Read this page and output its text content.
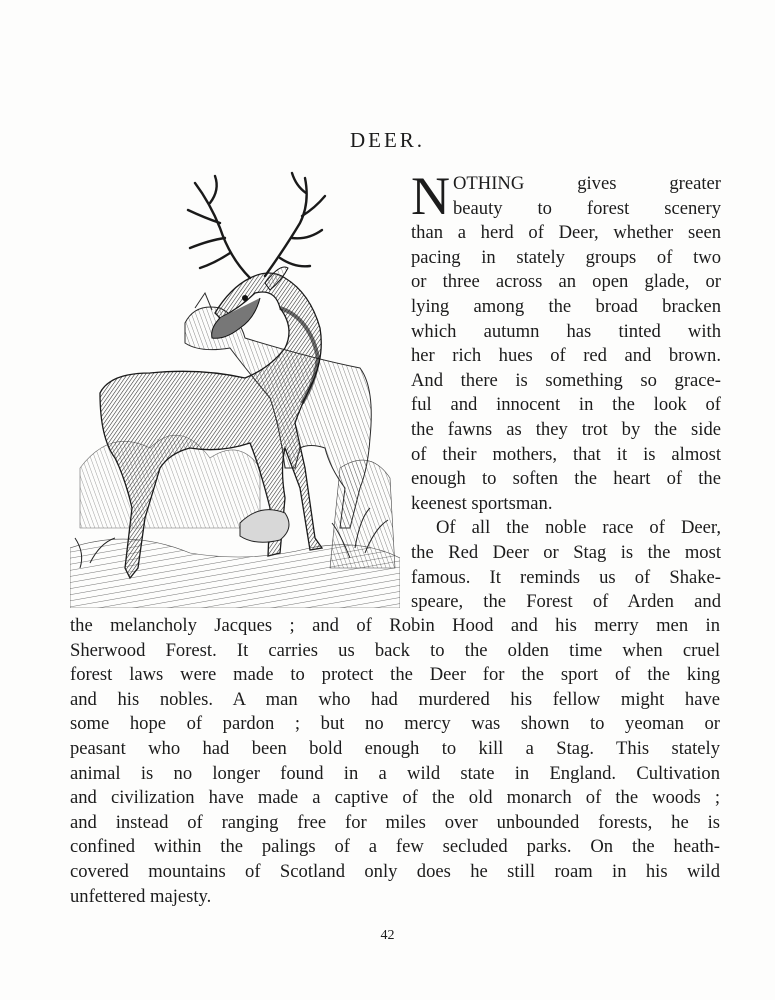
DEER.
N OTHING gives greater
beauty to forest scenery
than a herd of Deer, whether seen
pacing in stately groups of two
or three across an open glade, or
lying among the broad bracken
which autumn has tinted with
her rich hues of red and brown.
And there is something so grace-
ful and innocent in the look of
the fawns as they trot by the side
of their mothers, that it is almost
enough to soften the heart of the
keenest sportsman.
Of all the noble race of Deer,
the Red Deer or Stag is the most
famous. It reminds us of Shake-
speare, the Forest of Arden and
the melancholy Jacques ; and of Robin Hood and his merry men in
Sherwood Forest. It carries us back to the olden time when cruel
forest laws were made to protect the Deer for the sport of the king
and his nobles. A man who had murdered his fellow might have
some hope of pardon ; but no mercy was shown to yeoman or
peasant who had been bold enough to kill a Stag. This stately
animal is no longer found in a wild state in England. Cultivation
and civilization have made a captive of the old monarch of the woods ;
and instead of ranging free for miles over unbounded forests, he is
confined within the palings of a few secluded parks. On the heath-
covered mountains of Scotland only does he still roam in his wild
unfettered majesty.
42
